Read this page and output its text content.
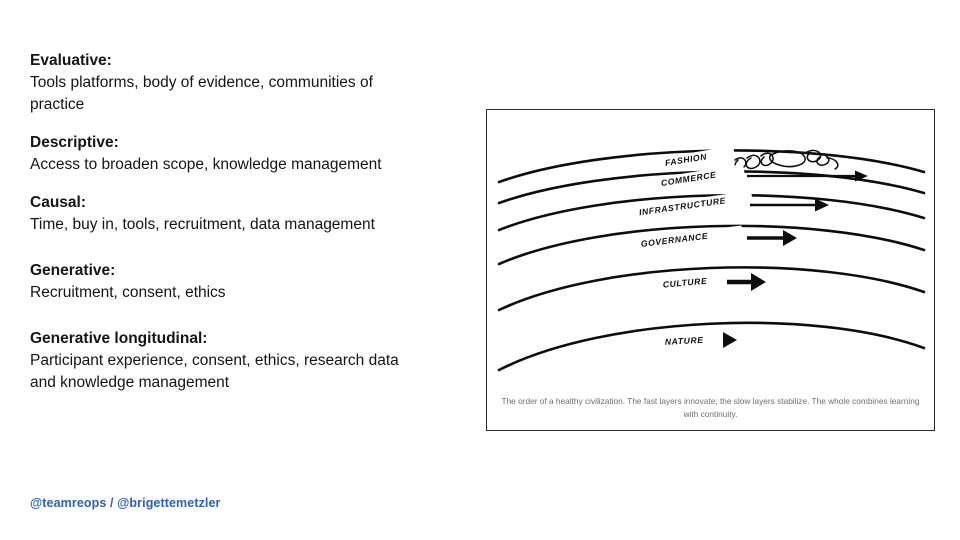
Evaluative:

Tools platforms, body of evidence, communities of practice

Descriptive:

Access to broaden scope, knowledge management

Causal:

Time, buy in, tools, recruitment, data management

Generative:

Recruitment, consent, ethics

Generative longitudinal:

Participant experience, consent, ethics, research data and knowledge management

@teamreops / @brigettemetzler
FASHION
COMMERCE
INFRASTRUCTURE
GOVERNANCE
CULTURE
NATURE
The order of a healthy civilization. The fast layers innovate; the slow layers stabilize. The whole combines learning with continuity.
